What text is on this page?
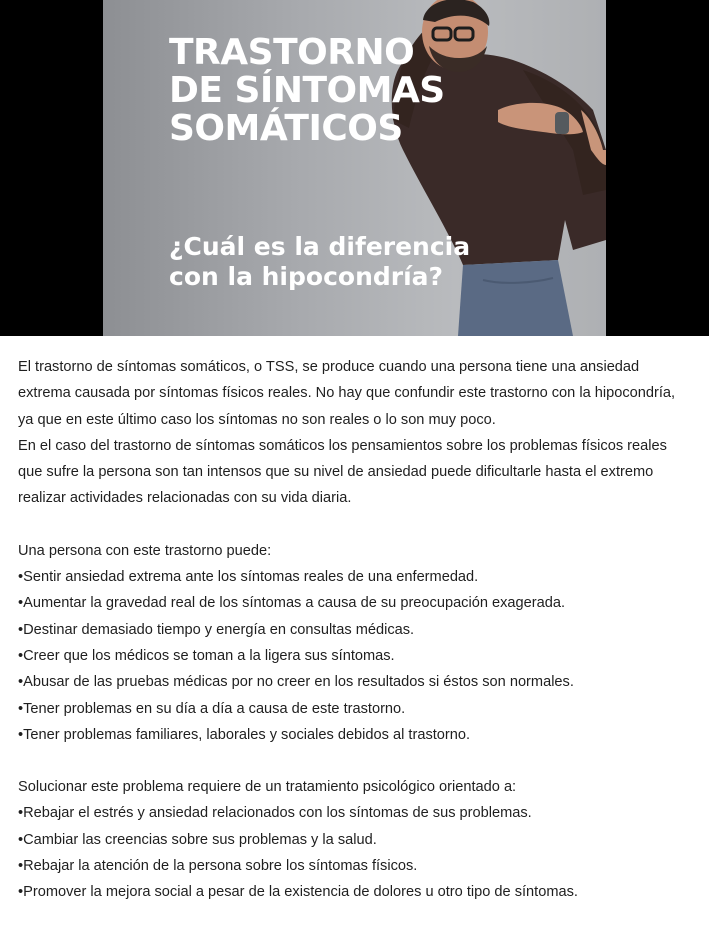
TRASTORNO
DE SÍNTOMAS
SOMÁTICOS

¿Cuál es la diferencia
con la hipocondría?

El trastorno de síntomas somáticos, o TSS, se produce cuando una persona tiene una ansiedad extrema causada por síntomas físicos reales. No hay que confundir este trastorno con la hipocondría, ya que en este último caso los síntomas no son reales o lo son muy poco.

En el caso del trastorno de síntomas somáticos los pensamientos sobre los problemas físicos reales que sufre la persona son tan intensos que su nivel de ansiedad puede dificultarle hasta el extremo realizar actividades relacionadas con su vida diaria.

Una persona con este trastorno puede:

• Sentir ansiedad extrema ante los síntomas reales de una enfermedad.
• Aumentar la gravedad real de los síntomas a causa de su preocupación exagerada.
• Destinar demasiado tiempo y energía en consultas médicas.
• Creer que los médicos se toman a la ligera sus síntomas.
• Abusar de las pruebas médicas por no creer en los resultados si éstos son normales.
• Tener problemas en su día a día a causa de este trastorno.
• Tener problemas familiares, laborales y sociales debidos al trastorno.

Solucionar este problema requiere de un tratamiento psicológico orientado a:

• Rebajar el estrés y ansiedad relacionados con los síntomas de sus problemas.
• Cambiar las creencias sobre sus problemas y la salud.
• Rebajar la atención de la persona sobre los síntomas físicos.
• Promover la mejora social a pesar de la existencia de dolores u otro tipo de síntomas.
